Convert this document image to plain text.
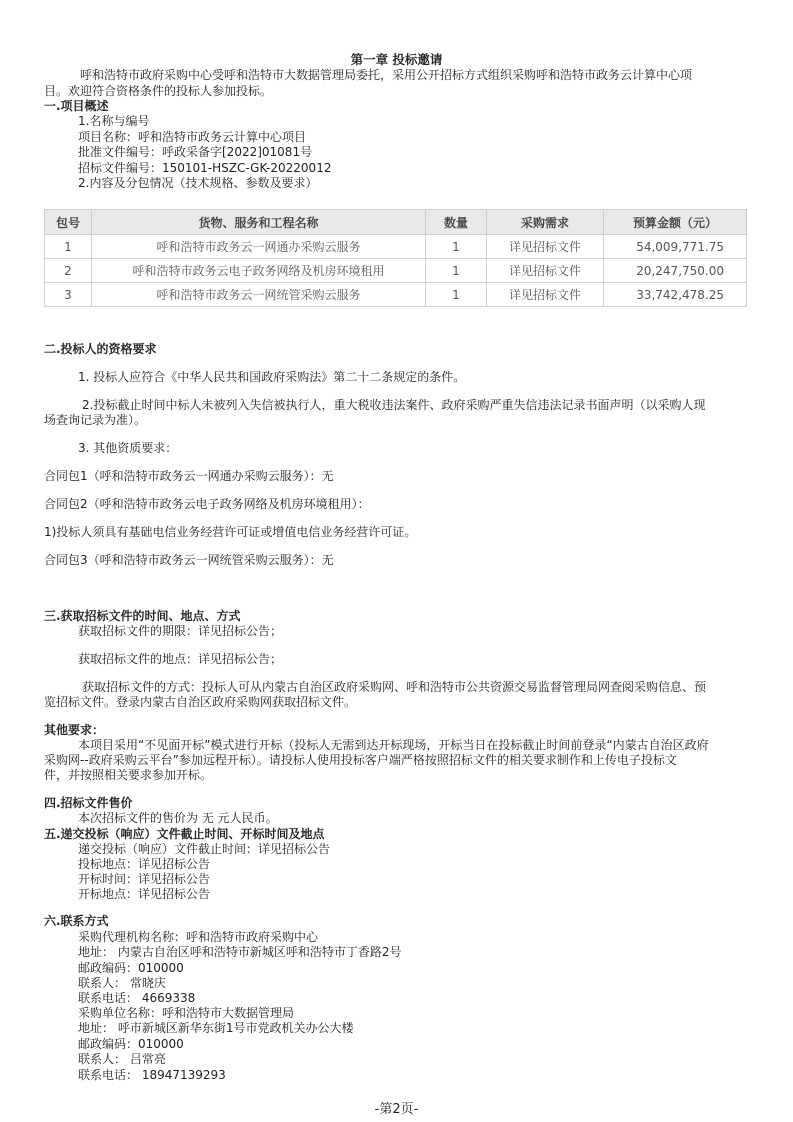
第一章 投标邀请
呼和浩特市政府采购中心受呼和浩特市大数据管理局委托，采用公开招标方式组织采购呼和浩特市政务云计算中心项
目。欢迎符合资格条件的投标人参加投标。
一.项目概述
1.名称与编号
项目名称：呼和浩特市政务云计算中心项目
批准文件编号：呼政采备字[2022]01081号
招标文件编号：150101-HSZC-GK-20220012
2.内容及分包情况（技术规格、参数及要求）
包号	货物、服务和工程名称	数量	采购需求	预算金额（元）
1	呼和浩特市政务云一网通办采购云服务	1	详见招标文件	54,009,771.75
2	呼和浩特市政务云电子政务网络及机房环境租用	1	详见招标文件	20,247,750.00
3	呼和浩特市政务云一网统管采购云服务	1	详见招标文件	33,742,478.25
二.投标人的资格要求
1. 投标人应符合《中华人民共和国政府采购法》第二十二条规定的条件。
2.投标截止时间中标人未被列入失信被执行人，重大税收违法案件、政府采购严重失信违法记录书面声明（以采购人现
场查询记录为准）。
3. 其他资质要求：
合同包1（呼和浩特市政务云一网通办采购云服务）：无
合同包2（呼和浩特市政务云电子政务网络及机房环境租用）：
1)投标人须具有基础电信业务经营许可证或增值电信业务经营许可证。
合同包3（呼和浩特市政务云一网统管采购云服务）：无
三.获取招标文件的时间、地点、方式
获取招标文件的期限：详见招标公告；
获取招标文件的地点：详见招标公告；
获取招标文件的方式：投标人可从内蒙古自治区政府采购网、呼和浩特市公共资源交易监督管理局网查阅采购信息、预
览招标文件。登录内蒙古自治区政府采购网获取招标文件。
其他要求：
本项目采用“不见面开标”模式进行开标（投标人无需到达开标现场，开标当日在投标截止时间前登录“内蒙古自治区政府
采购网--政府采购云平台”参加远程开标）。请投标人使用投标客户端严格按照招标文件的相关要求制作和上传电子投标文
件，并按照相关要求参加开标。
四.招标文件售价
本次招标文件的售价为 无 元人民币。
五.递交投标（响应）文件截止时间、开标时间及地点
递交投标（响应）文件截止时间：详见招标公告
投标地点：详见招标公告
开标时间：详见招标公告
开标地点：详见招标公告
六.联系方式
采购代理机构名称：呼和浩特市政府采购中心
地址： 内蒙古自治区呼和浩特市新城区呼和浩特市丁香路2号
邮政编码：010000
联系人： 常晓庆
联系电话： 4669338
采购单位名称：呼和浩特市大数据管理局
地址： 呼市新城区新华东街1号市党政机关办公大楼
邮政编码：010000
联系人： 吕常亮
联系电话： 18947139293
-第2页-
